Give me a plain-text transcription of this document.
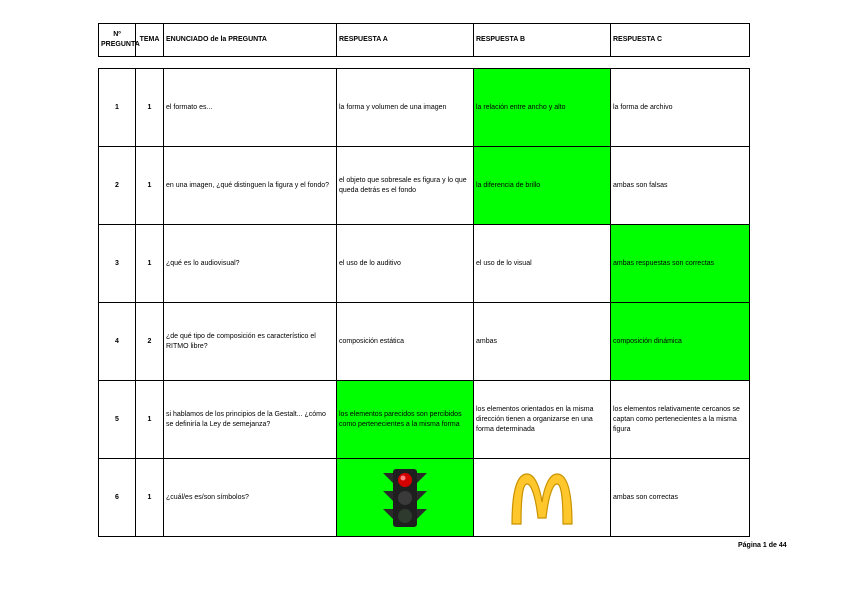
Nº PREGUNTA	TEMA	ENUNCIADO de la PREGUNTA	RESPUESTA A	RESPUESTA B	RESPUESTA C
1	1	el formato es...	la forma y volumen de una imagen	la relación entre ancho y alto	la forma de archivo
2	1	en una imagen, ¿qué distinguen la figura y el fondo?	el objeto que sobresale es figura y lo que queda detrás es el fondo	la diferencia de brillo	ambas son falsas
3	1	¿qué es lo audiovisual?	el uso de lo auditivo	el uso de lo visual	ambas respuestas son correctas
4	2	¿de qué tipo de composición es característico el RITMO libre?	composición estática	ambas	composición dinámica
5	1	si hablamos de los principios de la Gestalt... ¿cómo se definiría la Ley de semejanza?	los elementos parecidos son percibidos como pertenecientes a la misma forma	los elementos orientados en la misma dirección tienen a organizarse en una forma determinada	los elementos relativamente cercanos se captan como pertenecientes a la misma figura
6	1	¿cuál/es es/son símbolos?			ambas son correctas
Página 1 de 44
